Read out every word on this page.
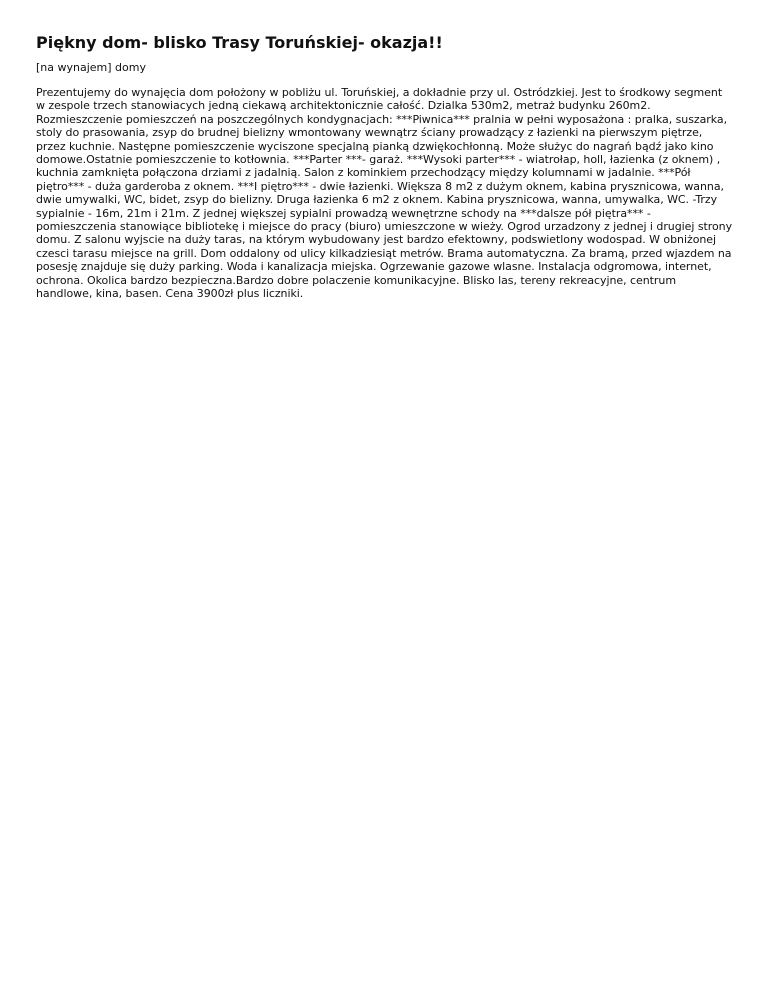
Piękny dom- blisko Trasy Toruńskiej- okazja!!

[na wynajem] domy

Prezentujemy do wynajęcia dom położony w pobliżu ul. Toruńskiej, a dokładnie przy ul. Ostródzkiej. Jest to środkowy segment w zespole trzech stanowiacych jedną ciekawą architektonicznie całość. Dzialka 530m2, metraż budynku 260m2. Rozmieszczenie pomieszczeń na poszczególnych kondygnacjach: ***Piwnica*** pralnia w pełni wyposażona : pralka, suszarka, stoly do prasowania, zsyp do brudnej bielizny wmontowany wewnątrz ściany prowadzący z łazienki na pierwszym piętrze, przez kuchnie. Następne pomieszczenie wyciszone specjalną pianką dzwiękochłonną. Może służyc do nagrań bądź jako kino domowe.Ostatnie pomieszczenie to kotłownia. ***Parter ***- garaż. ***Wysoki parter*** - wiatrołap, holl, łazienka (z oknem) , kuchnia zamknięta połączona drziami z jadalnią. Salon z kominkiem przechodzący między kolumnami w jadalnie. ***Pół piętro*** - duża garderoba z oknem. ***I piętro*** - dwie łazienki. Większa 8 m2 z dużym oknem, kabina prysznicowa, wanna, dwie umywalki, WC, bidet, zsyp do bielizny. Druga łazienka 6 m2 z oknem. Kabina prysznicowa, wanna, umywalka, WC. -Trzy sypialnie - 16m, 21m i 21m. Z jednej większej sypialni prowadzą wewnętrzne schody na ***dalsze pół piętra*** - pomieszczenia stanowiące bibliotekę i miejsce do pracy (biuro) umieszczone w wieży. Ogrod urzadzony z jednej i drugiej strony domu. Z salonu wyjscie na duży taras, na którym wybudowany jest bardzo efektowny, podswietlony wodospad. W obniżonej czesci tarasu miejsce na grill. Dom oddalony od ulicy kilkadziesiąt metrów. Brama automatyczna. Za bramą, przed wjazdem na posesję znajduje się duży parking. Woda i kanalizacja miejska. Ogrzewanie gazowe wlasne. Instalacja odgromowa, internet, ochrona. Okolica bardzo bezpieczna.Bardzo dobre polaczenie komunikacyjne. Blisko las, tereny rekreacyjne, centrum handlowe, kina, basen. Cena 3900zł plus liczniki.
